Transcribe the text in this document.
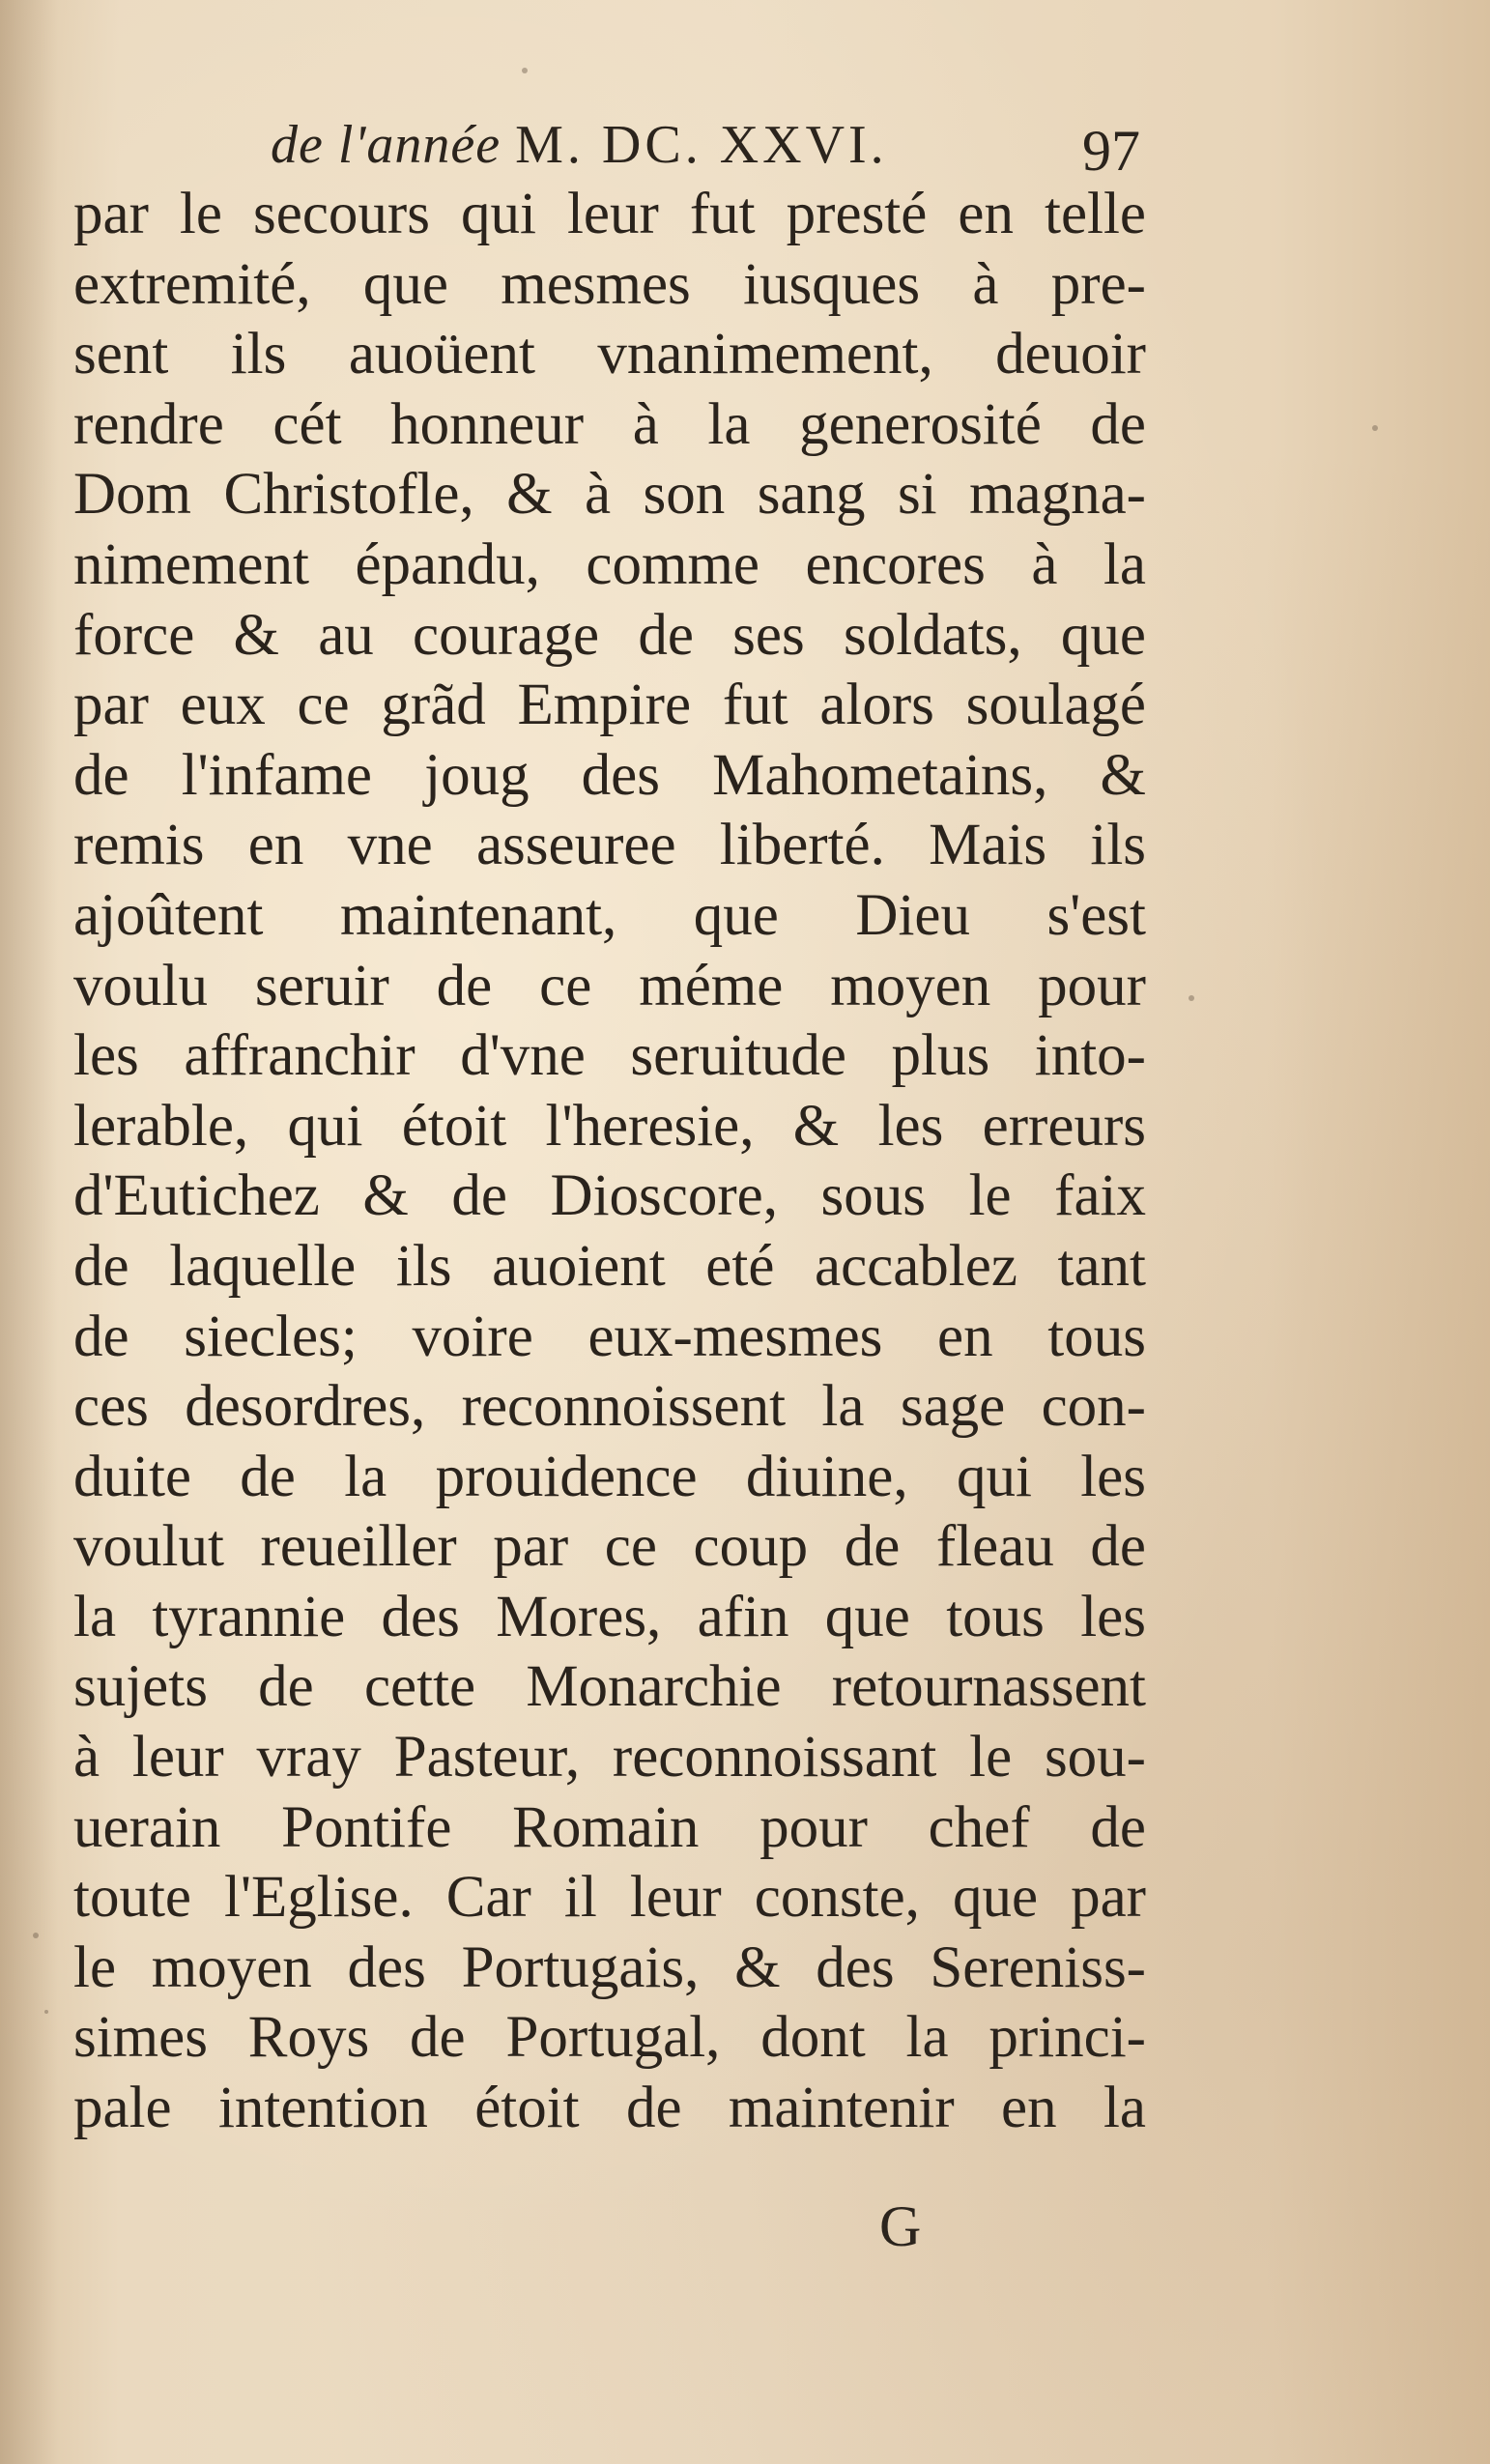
de l'année M. DC. XXVI.	97
par le secours qui leur fut presté en telle
extremité, que mesmes iusques à pre-
sent ils auoüent vnanimement, deuoir
rendre cét honneur à la generosité de
Dom Christofle, & à son sang si magna-
nimement épandu, comme encores à la
force & au courage de ses soldats, que
par eux ce grãd Empire fut alors soulagé
de l'infame joug des Mahometains, &
remis en vne asseuree liberté. Mais ils
ajoûtent maintenant, que Dieu s'est
voulu seruir de ce méme moyen pour
les affranchir d'vne seruitude plus into-
lerable, qui étoit l'heresie, & les erreurs
d'Eutichez & de Dioscore, sous le faix
de laquelle ils auoient eté accablez tant
de siecles; voire eux-mesmes en tous
ces desordres, reconnoissent la sage con-
duite de la prouidence diuine, qui les
voulut reueiller par ce coup de fleau de
la tyrannie des Mores, afin que tous les
sujets de cette Monarchie retournassent
à leur vray Pasteur, reconnoissant le sou-
uerain Pontife Romain pour chef de
toute l'Eglise. Car il leur conste, que par
le moyen des Portugais, & des Sereniss-
simes Roys de Portugal, dont la princi-
pale intention étoit de maintenir en la
G
